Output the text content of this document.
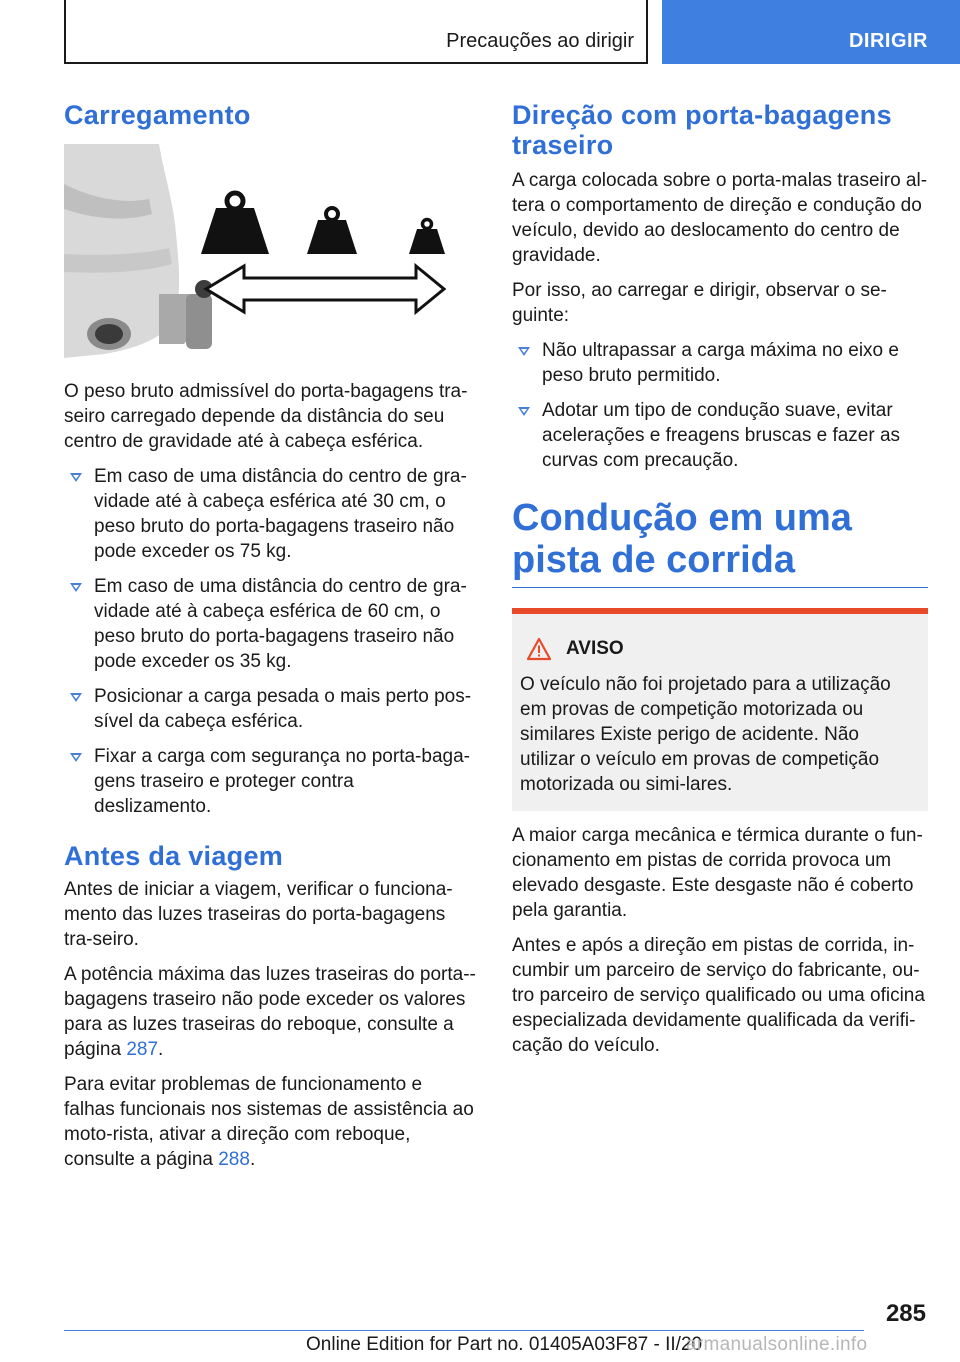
Precauções ao dirigir	DIRIGIR
Carregamento

O peso bruto admissível do porta-bagagens tra-seiro carregado depende da distância do seu centro de gravidade até à cabeça esférica.

Em caso de uma distância do centro de gra-vidade até à cabeça esférica até 30 cm, o peso bruto do porta-bagagens traseiro não pode exceder os 75 kg.
Em caso de uma distância do centro de gra-vidade até à cabeça esférica de 60 cm, o peso bruto do porta-bagagens traseiro não pode exceder os 35 kg.
Posicionar a carga pesada o mais perto pos-sível da cabeça esférica.
Fixar a carga com segurança no porta-baga-gens traseiro e proteger contra deslizamento.
Antes da viagem

Antes de iniciar a viagem, verificar o funciona-mento das luzes traseiras do porta-bagagens tra-seiro.

A potência máxima das luzes traseiras do porta--bagagens traseiro não pode exceder os valores para as luzes traseiras do reboque, consulte a página 287.

Para evitar problemas de funcionamento e falhas funcionais nos sistemas de assistência ao moto-rista, ativar a direção com reboque, consulte a página 288.

Direção com porta-bagagens traseiro

A carga colocada sobre o porta-malas traseiro al-tera o comportamento de direção e condução do veículo, devido ao deslocamento do centro de gravidade.

Por isso, ao carregar e dirigir, observar o se-guinte:

Não ultrapassar a carga máxima no eixo e peso bruto permitido.
Adotar um tipo de condução suave, evitar acelerações e freagens bruscas e fazer as curvas com precaução.
Condução em uma pista de corrida
AVISO

O veículo não foi projetado para a utilização em provas de competição motorizada ou similares Existe perigo de acidente. Não utilizar o veículo em provas de competição motorizada ou simi-lares.

A maior carga mecânica e térmica durante o fun-cionamento em pistas de corrida provoca um elevado desgaste. Este desgaste não é coberto pela garantia.

Antes e após a direção em pistas de corrida, in-cumbir um parceiro de serviço do fabricante, ou-tro parceiro de serviço qualificado ou uma oficina especializada devidamente qualificada da verifi-cação do veículo.

285
Online Edition for Part no. 01405A03F87 - II/20
armanualsonline.info
